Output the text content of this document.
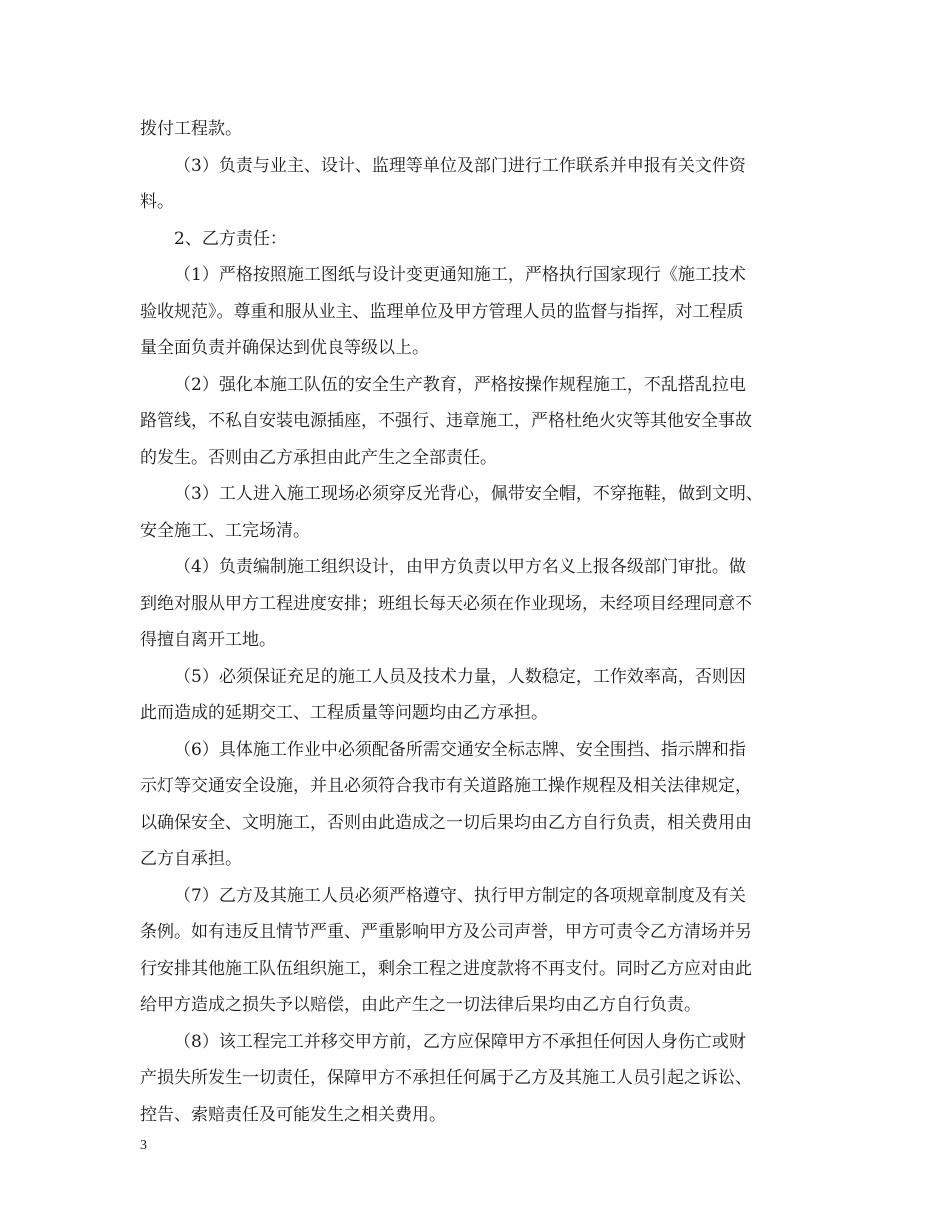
拨付工程款。

（3）负责与业主、设计、监理等单位及部门进行工作联系并申报有关文件资
料。

2、乙方责任：

（1）严格按照施工图纸与设计变更通知施工，严格执行国家现行《施工技术
验收规范》。尊重和服从业主、监理单位及甲方管理人员的监督与指挥，对工程质
量全面负责并确保达到优良等级以上。

（2）强化本施工队伍的安全生产教育，严格按操作规程施工，不乱搭乱拉电
路管线，不私自安装电源插座，不强行、违章施工，严格杜绝火灾等其他安全事故
的发生。否则由乙方承担由此产生之全部责任。

（3）工人进入施工现场必须穿反光背心，佩带安全帽，不穿拖鞋，做到文明、
安全施工、工完场清。

（4）负责编制施工组织设计，由甲方负责以甲方名义上报各级部门审批。做
到绝对服从甲方工程进度安排；班组长每天必须在作业现场，未经项目经理同意不
得擅自离开工地。

（5）必须保证充足的施工人员及技术力量，人数稳定，工作效率高，否则因
此而造成的延期交工、工程质量等问题均由乙方承担。

（6）具体施工作业中必须配备所需交通安全标志牌、安全围挡、指示牌和指
示灯等交通安全设施，并且必须符合我市有关道路施工操作规程及相关法律规定，
以确保安全、文明施工，否则由此造成之一切后果均由乙方自行负责，相关费用由
乙方自承担。

（7）乙方及其施工人员必须严格遵守、执行甲方制定的各项规章制度及有关
条例。如有违反且情节严重、严重影响甲方及公司声誉，甲方可责令乙方清场并另
行安排其他施工队伍组织施工，剩余工程之进度款将不再支付。同时乙方应对由此
给甲方造成之损失予以赔偿，由此产生之一切法律后果均由乙方自行负责。

（8）该工程完工并移交甲方前，乙方应保障甲方不承担任何因人身伤亡或财
产损失所发生一切责任，保障甲方不承担任何属于乙方及其施工人员引起之诉讼、
控告、索赔责任及可能发生之相关费用。

3
